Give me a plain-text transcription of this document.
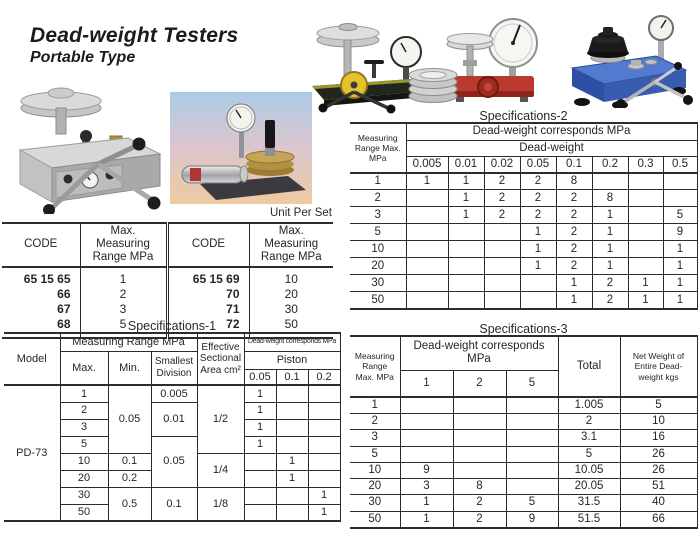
Dead-weight Testers
Portable Type
Unit Per Set
CODE	Max. Measuring Range MPa	CODE	Max. Measuring Range MPa
65 15 65	1	65 15 69	10
66	2	70	20
67	3	71	30
68	5	72	50
Specifications-1
Model	Measuring Range MPa			Effective Sectional Area cm²	Dead-weight corresponds MPa		
	Max.	Min.	Smallest Division		Piston		
					0.05	0.1	0.2
PD-73	1	0.05	0.005	1/2	1		
	2		0.01		1		
	3				1		
	5		0.05		1		
	10	0.1		1/4		1	
	20	0.2				1	
	30	0.5	0.1	1/8			1
	50						1
Specifications-2
Measuring Range Max. MPa	Dead-weight corresponds MPa							
	Dead-weight							
	0.005	0.01	0.02	0.05	0.1	0.2	0.3	0.5
1	1	1	2	2	8			
2		1	2	2	2	8		
3		1	2	2	2	1		5
5				1	2	1		9
10				1	2	1		1
20				1	2	1		1
30					1	2	1	1
50					1	2	1	1
Specifications-3
Measuring Range Max. MPa	Dead-weight corresponds MPa			Total	Net Weight of Entire Dead-weight kgs
	1	2	5		
1				1.005	5
2				2	10
3				3.1	16
5				5	26
10	9			10.05	26
20	3	8		20.05	51
30	1	2	5	31.5	40
50	1	2	9	51.5	66
